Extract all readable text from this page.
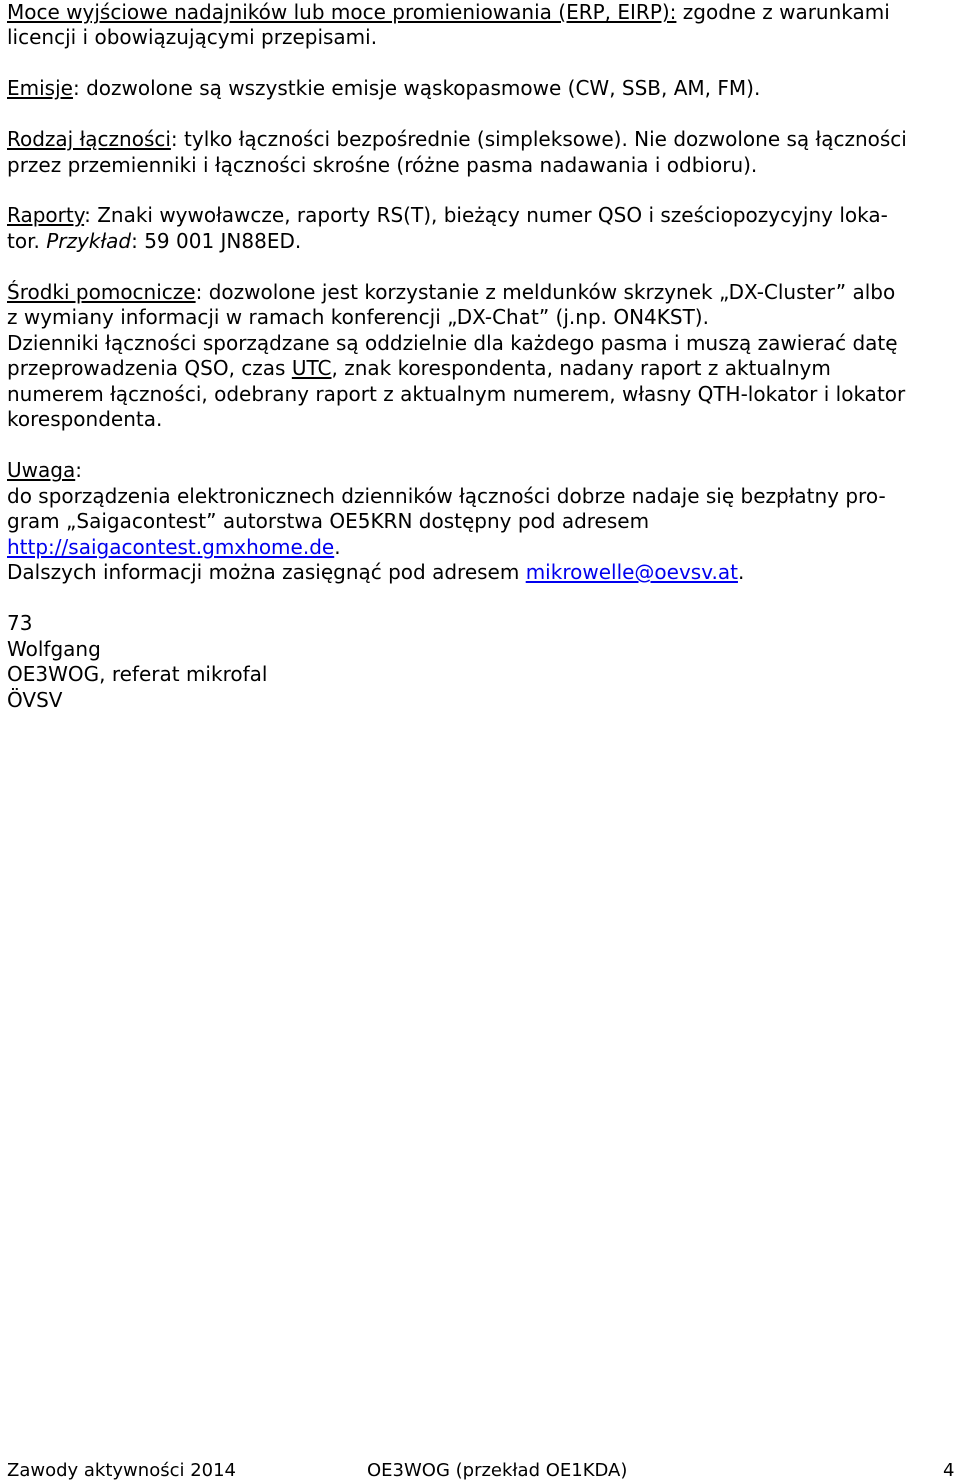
Moce wyjściowe nadajników lub moce promieniowania (ERP, EIRP): zgodne z warunkami
licencji i obowiązującymi przepisami.
Emisje: dozwolone są wszystkie emisje wąskopasmowe (CW, SSB, AM, FM).
Rodzaj łączności: tylko łączności bezpośrednie (simpleksowe). Nie dozwolone są łączności
przez przemienniki i łączności skrośne (różne pasma nadawania i odbioru).
Raporty: Znaki wywoławcze, raporty RS(T), bieżący numer QSO i sześciopozycyjny loka-
tor. Przykład: 59 001 JN88ED.
Środki pomocnicze: dozwolone jest korzystanie z meldunków skrzynek „DX-Cluster” albo
z wymiany informacji w ramach konferencji „DX-Chat” (j.np. ON4KST).
Dzienniki łączności sporządzane są oddzielnie dla każdego pasma i muszą zawierać datę
przeprowadzenia QSO, czas UTC, znak korespondenta, nadany raport z aktualnym
numerem łączności, odebrany raport z aktualnym numerem, własny QTH-lokator i lokator
korespondenta.
Uwaga:
do sporządzenia elektronicznech dzienników łączności dobrze nadaje się bezpłatny pro-
gram „Saigacontest” autorstwa OE5KRN dostępny pod adresem
http://saigacontest.gmxhome.de.
Dalszych informacji można zasięgnąć pod adresem mikrowelle@oevsv.at.
73
Wolfgang
OE3WOG, referat mikrofal
ÖVSV
Zawody aktywności 2014	OE3WOG (przekład OE1KDA)	4
